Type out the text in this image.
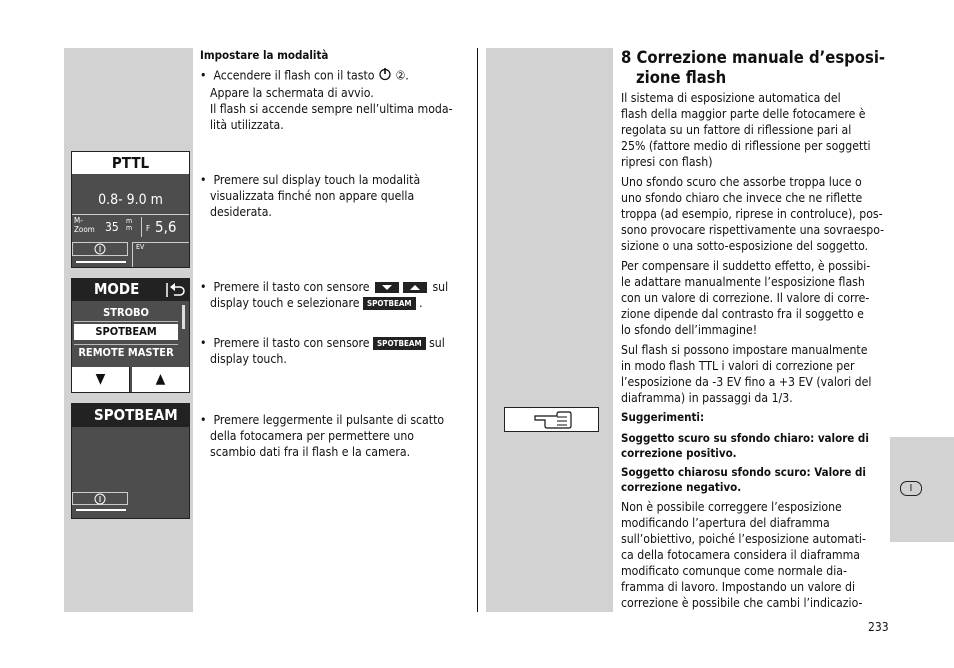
I
Impostare la modalità
•  Accendere il flash con il tasto ②.
Appare la schermata di avvio.
Il flash si accende sempre nell’ultima moda-
lità utilizzata.
•  Premere sul display touch la modalità
visualizzata finché non appare quella
desiderata.
•  Premere il tasto con sensore	sul
display touch e selezionare SPOTBEAM .
•  Premere il tasto con sensore SPOTBEAM sul
display touch.
•  Premere leggermente il pulsante di scatto
della fotocamera per permettere uno
scambio dati fra il flash e la camera.
PTTL
0.8- 9.0 m
M-
Zoom 35 m
m F 5,6
EV
MODE
STROBO
SPOTBEAM
REMOTE MASTER
▼	▲
SPOTBEAM
8 Correzione manuale d’esposi-
zione flash
Il sistema di esposizione automatica del
flash della maggior parte delle fotocamere è
regolata su un fattore di riflessione pari al
25% (fattore medio di riflessione per soggetti
ripresi con flash)
Uno sfondo scuro che assorbe troppa luce o
uno sfondo chiaro che invece che ne riflette
troppa (ad esempio, riprese in controluce), pos-
sono provocare rispettivamente una sovraespo-
sizione o una sotto-esposizione del soggetto.
Per compensare il suddetto effetto, è possibi-
le adattare manualmente l’esposizione flash
con un valore di correzione. Il valore di corre-
zione dipende dal contrasto fra il soggetto e
lo sfondo dell’immagine!
Sul flash si possono impostare manualmente
in modo flash TTL i valori di correzione per
l’esposizione da -3 EV fino a +3 EV (valori del
diaframma) in passaggi da 1/3.
Suggerimenti:
Soggetto scuro su sfondo chiaro: valore di
correzione positivo.
Soggetto chiarosu sfondo scuro: Valore di
correzione negativo.
Non è possibile correggere l’esposizione
modificando l’apertura del diaframma
sull’obiettivo, poiché l’esposizione automati-
ca della fotocamera considera il diaframma
modificato comunque come normale dia-
framma di lavoro. Impostando un valore di
correzione è possibile che cambi l’indicazio-
233
